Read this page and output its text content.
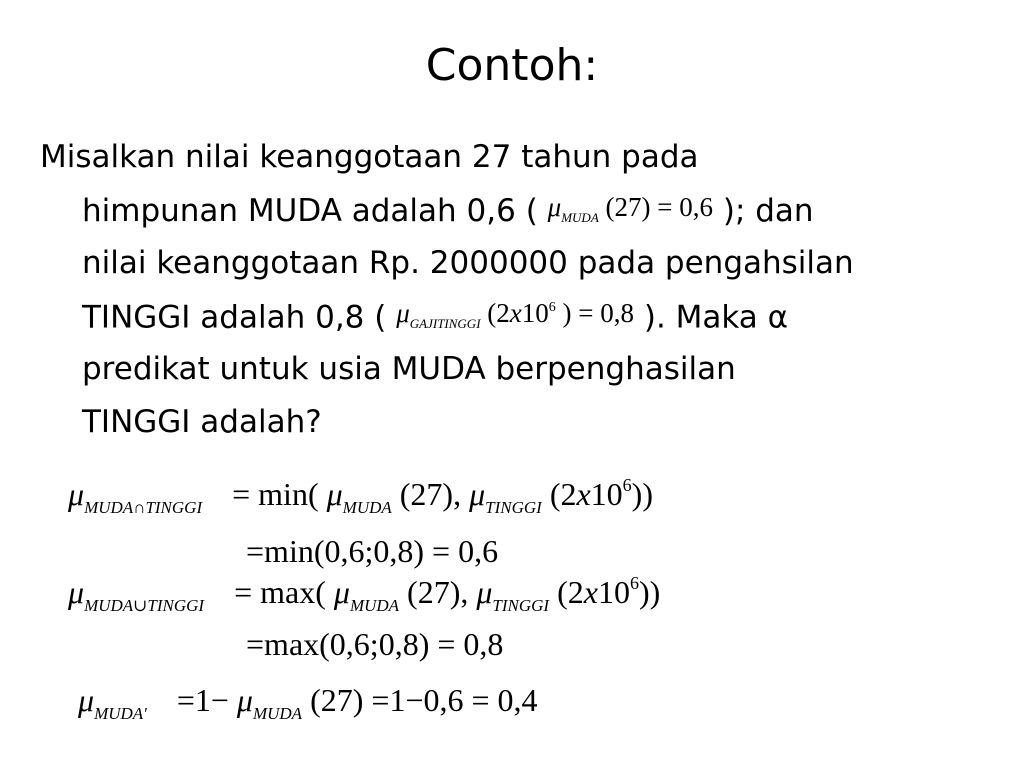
Contoh:
Misalkan nilai keanggotaan 27 tahun pada
himpunan MUDA adalah 0,6 ( $\mu_{MUDA}$ (27) = 0,6 ); dan
nilai keanggotaan Rp. 2000000 pada pengahsilan
TINGGI adalah 0,8 ( $\mu_{GAJITINGGI}$ ($2x10^6$ ) = 0,8 ). Maka α
predikat untuk usia MUDA berpenghasilan
TINGGI adalah?
$\mu_{MUDA\cap TINGGI} = \min$( $\mu_{MUDA}$ (27), $\mu_{TINGGI}$ $(2x10^6)$)
=min(0,6;0,8) = 0,6
$\mu_{MUDA\cup TINGGI} = \max$( $\mu_{MUDA}$ (27), $\mu_{TINGGI}$ $(2x10^6)$)
=max(0,6;0,8) = 0,8
$\mu_{MUDA'} =1- \mu_{MUDA}$ (27) =1−0,6 = 0,4
